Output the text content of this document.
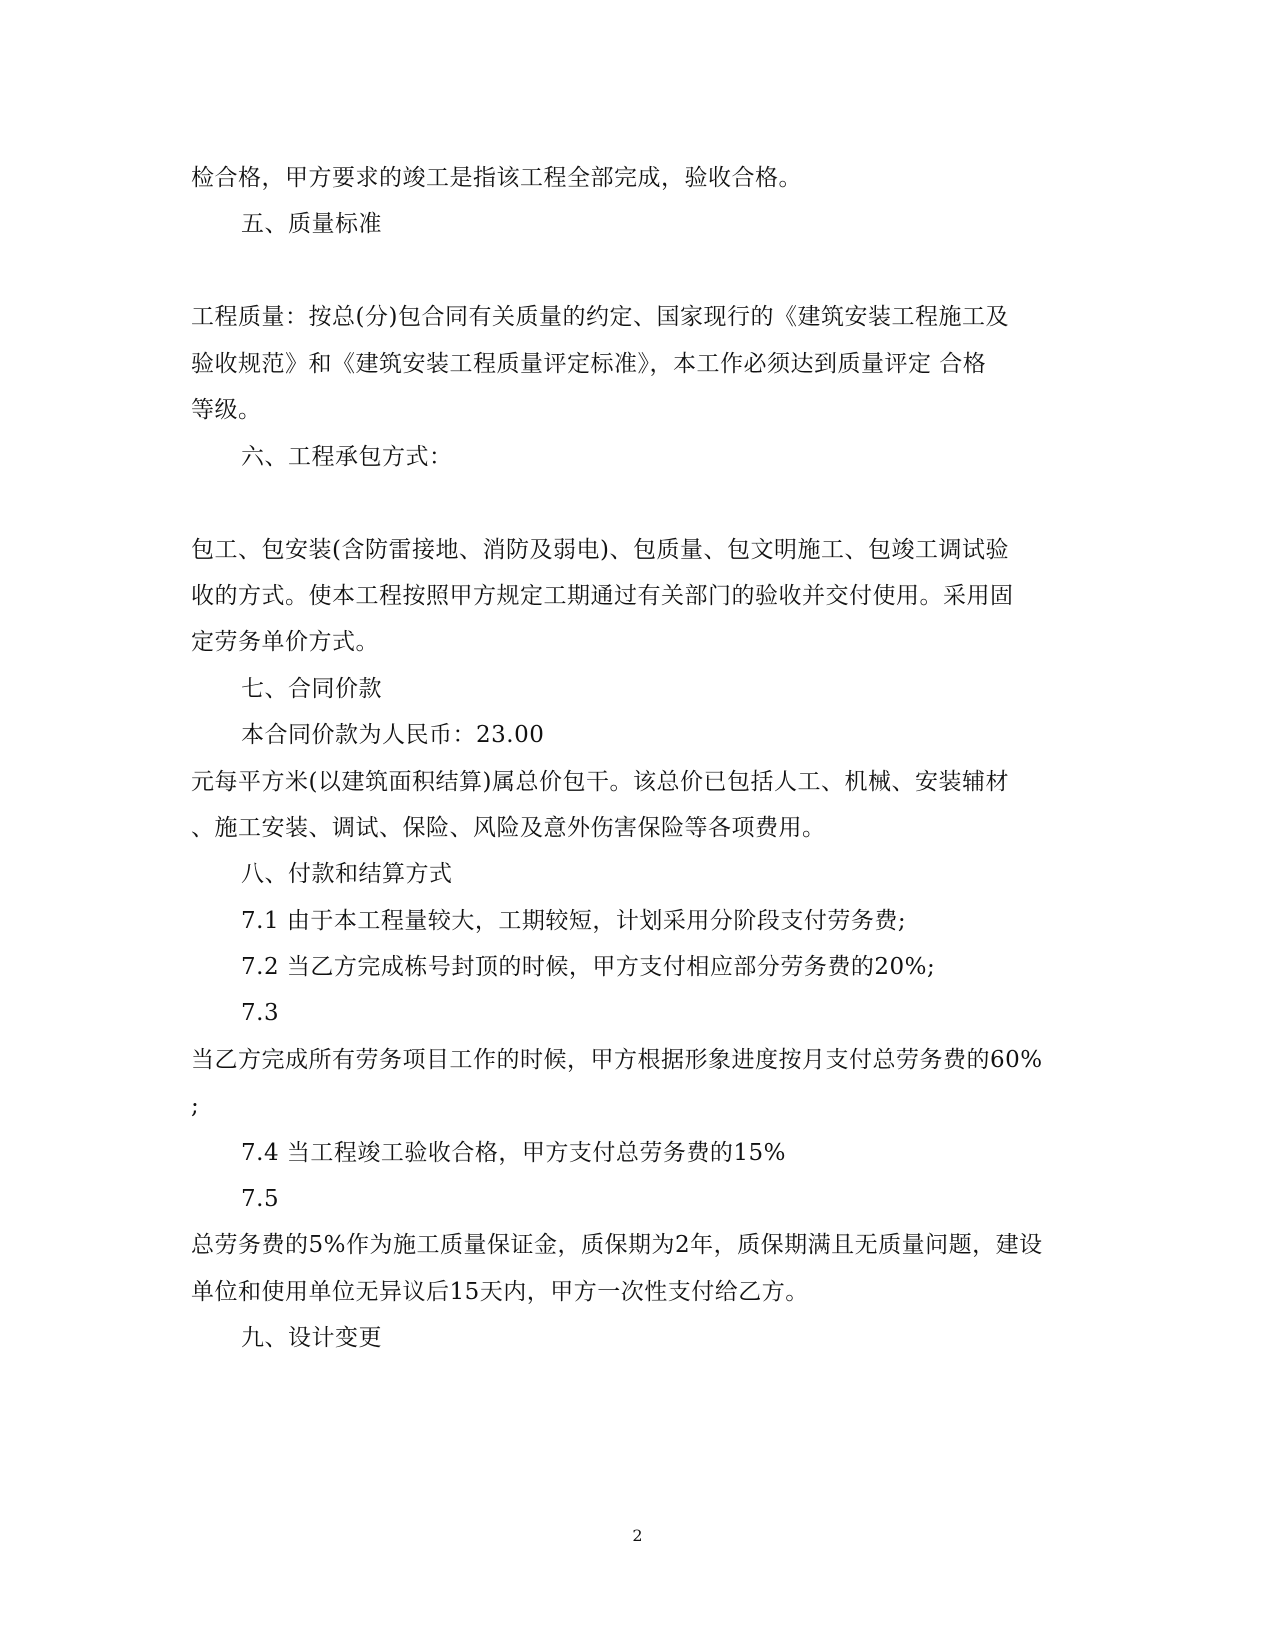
检合格，甲方要求的竣工是指该工程全部完成，验收合格。
五、质量标准
工程质量：按总(分)包合同有关质量的约定、国家现行的《建筑安装工程施工及
验收规范》和《建筑安装工程质量评定标准》，本工作必须达到质量评定 合格
等级。
六、工程承包方式：
包工、包安装(含防雷接地、消防及弱电)、包质量、包文明施工、包竣工调试验
收的方式。使本工程按照甲方规定工期通过有关部门的验收并交付使用。采用固
定劳务单价方式。
七、合同价款
本合同价款为人民币：23.00
元每平方米(以建筑面积结算)属总价包干。该总价已包括人工、机械、安装辅材
、施工安装、调试、保险、风险及意外伤害保险等各项费用。
八、付款和结算方式
7.1 由于本工程量较大，工期较短，计划采用分阶段支付劳务费;
7.2 当乙方完成栋号封顶的时候，甲方支付相应部分劳务费的20%;
7.3
当乙方完成所有劳务项目工作的时候，甲方根据形象进度按月支付总劳务费的60%
;
7.4 当工程竣工验收合格，甲方支付总劳务费的15%
7.5
总劳务费的5%作为施工质量保证金，质保期为2年，质保期满且无质量问题，建设
单位和使用单位无异议后15天内，甲方一次性支付给乙方。
九、设计变更
2
